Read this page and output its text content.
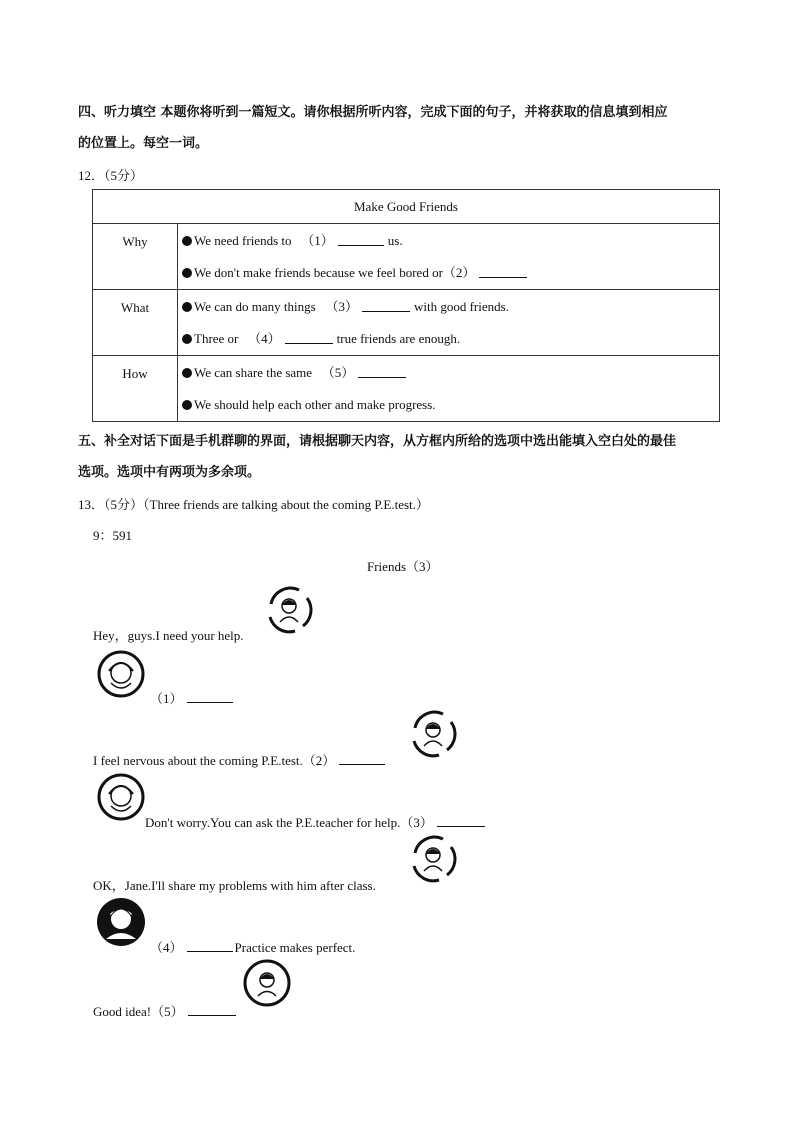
四、听力填空 本题你将听到一篇短文。请你根据所听内容，完成下面的句子，并将获取的信息填到相应
的位置上。每空一词。
12．（5分）
Make Good Friends	
Why	We need friends to   （1） us.
We don't make friends because we feel bored or（2）

What	We can do many things   （3） with good friends.
Three or   （4） true friends are enough.

How	We can share the same   （5）
We should help each other and make progress.
五、补全对话下面是手机群聊的界面，请根据聊天内容，从方框内所给的选项中选出能填入空白处的最佳
选项。选项中有两项为多余项。
13．（5分）（Three friends are talking about the coming P.E.test.）
9：591
Friends（3）
Hey，guys.I need your help.
（1）
I feel nervous about the coming P.E.test.（2）
Don't worry.You can ask the P.E.teacher for help.（3）
OK，Jane.I'll share my problems with him after class.
（4）	Practice makes perfect.
Good idea!（5）
